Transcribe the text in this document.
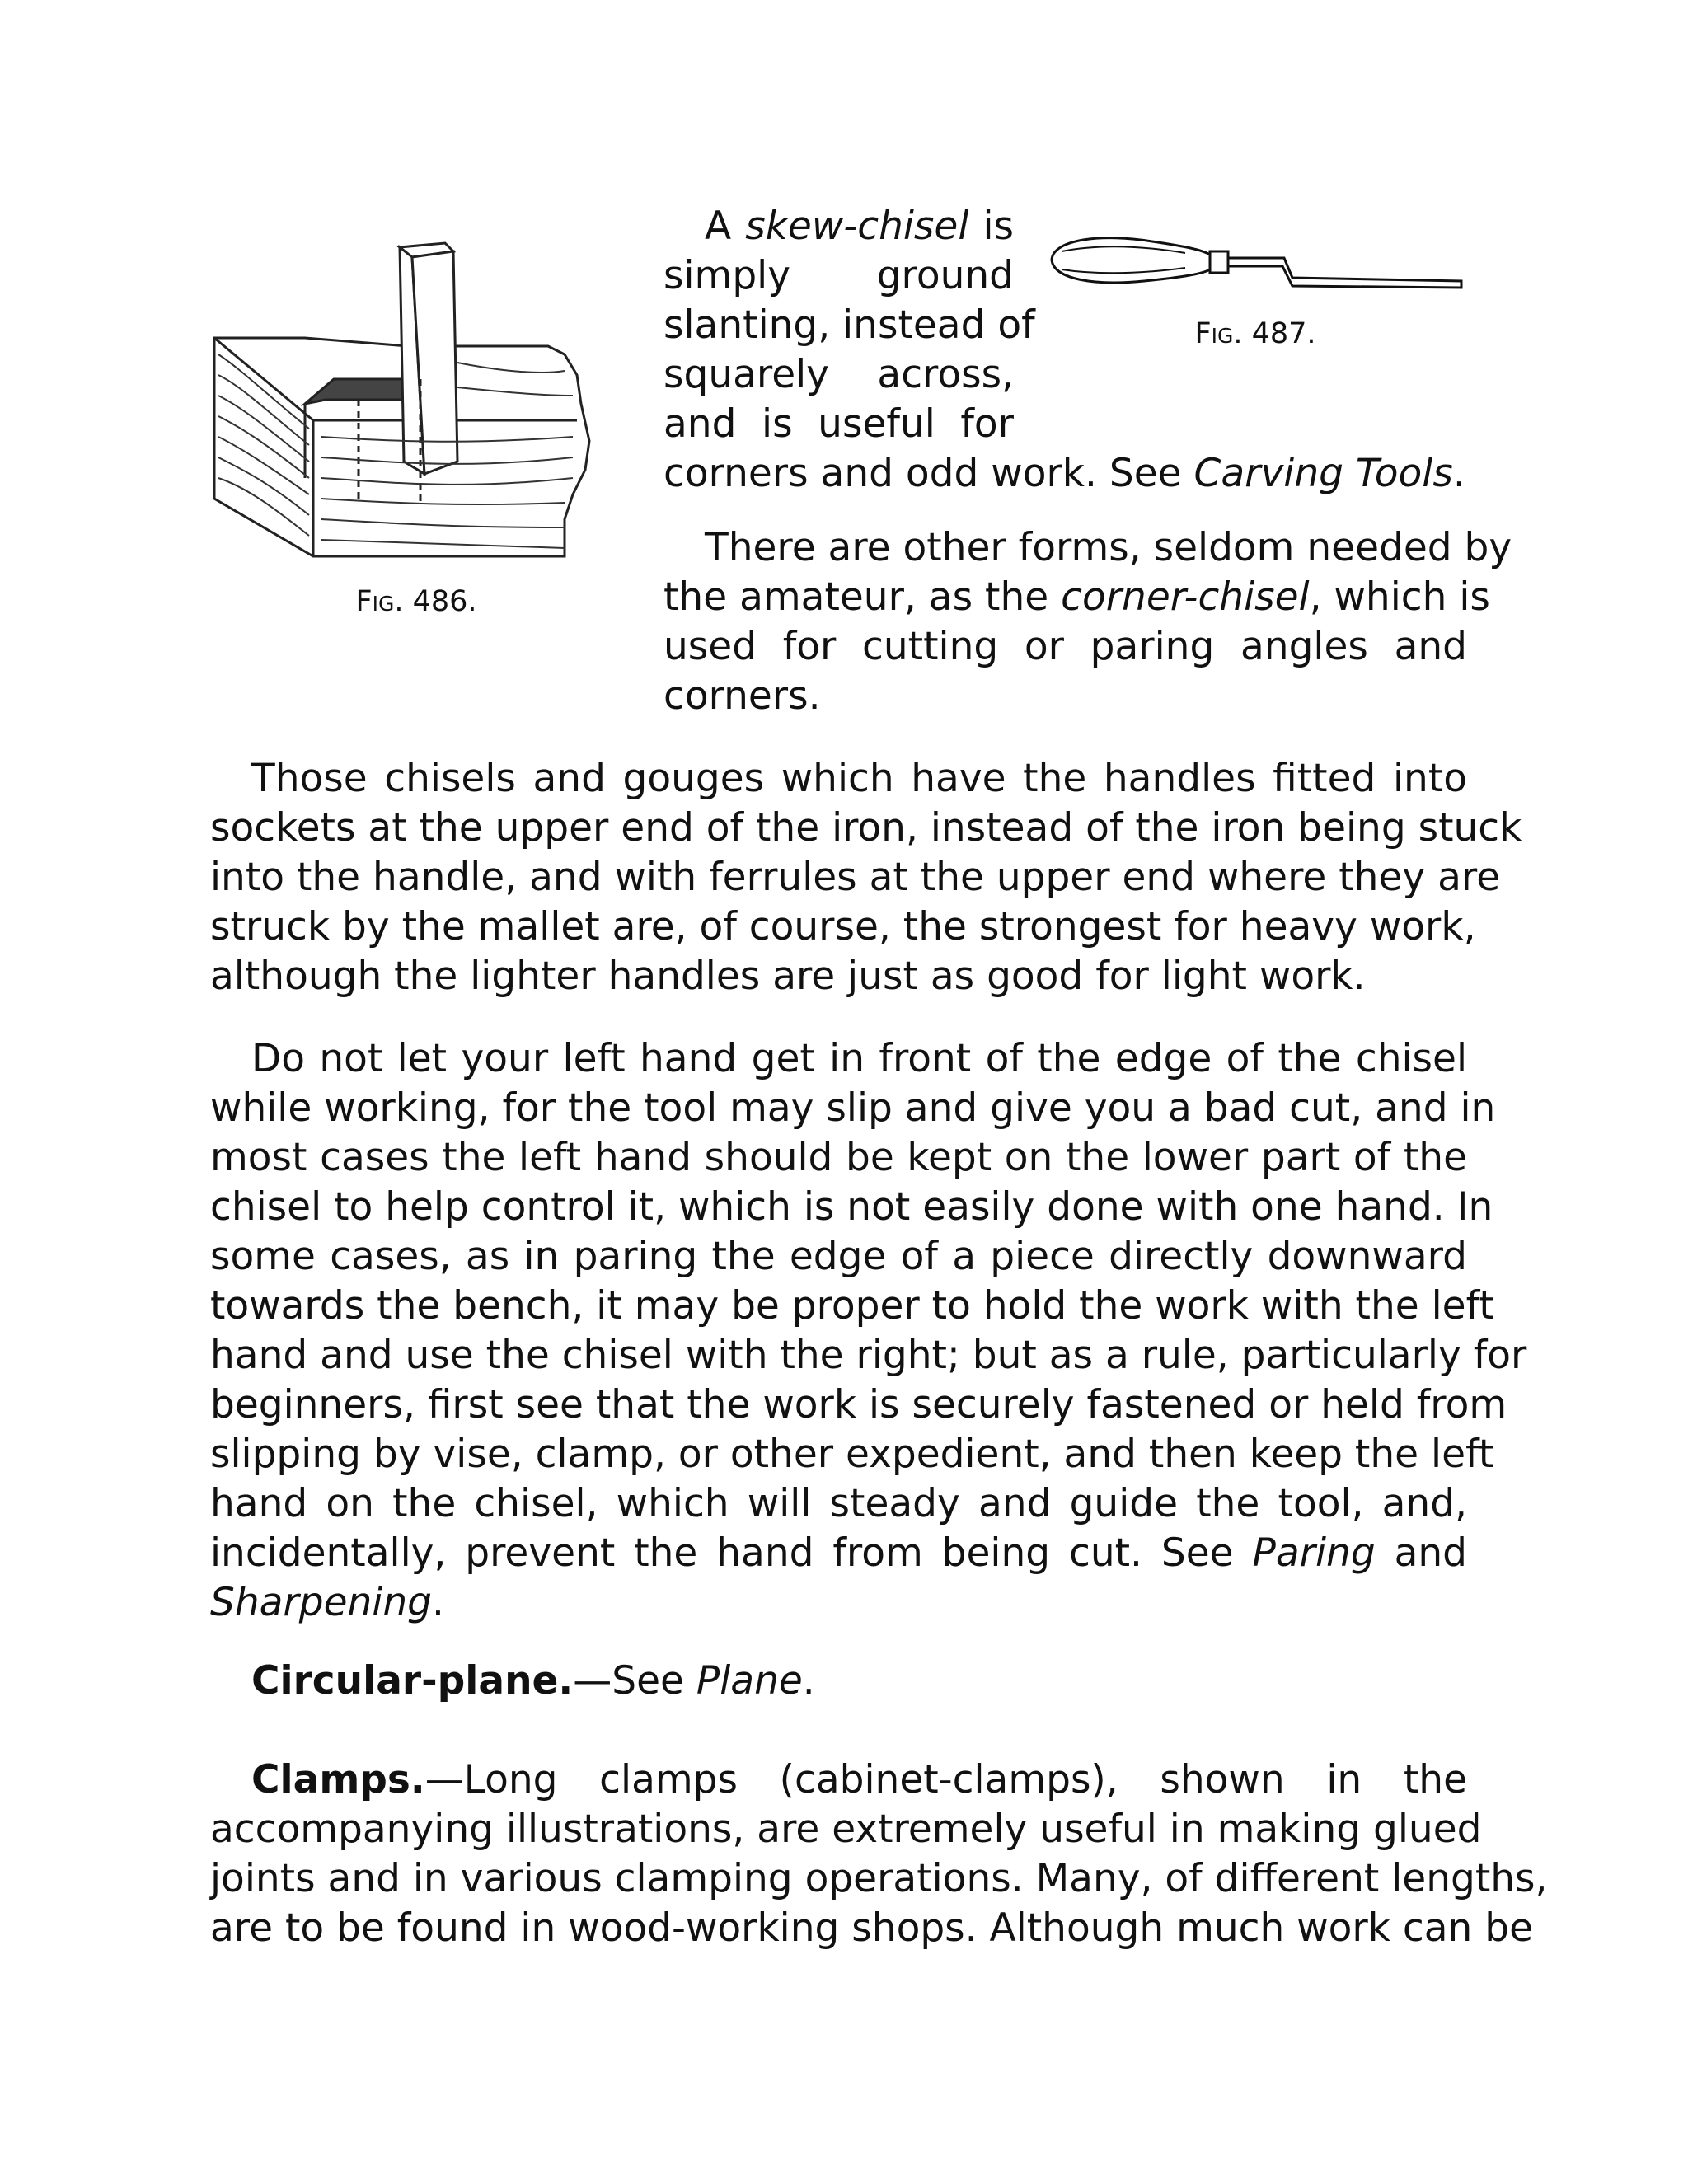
Fig. 486.
Fig. 487.
A skew-chisel is
simply ground
slanting, instead of
squarely across,
and is useful for
corners and odd work. See Carving Tools.
There are other forms, seldom needed by
the amateur, as the corner-chisel, which is
used for cutting or paring angles and
corners.
Those chisels and gouges which have the handles fitted into
sockets at the upper end of the iron, instead of the iron being stuck
into the handle, and with ferrules at the upper end where they are
struck by the mallet are, of course, the strongest for heavy work,
although the lighter handles are just as good for light work.
Do not let your left hand get in front of the edge of the chisel
while working, for the tool may slip and give you a bad cut, and in
most cases the left hand should be kept on the lower part of the
chisel to help control it, which is not easily done with one hand. In
some cases, as in paring the edge of a piece directly downward
towards the bench, it may be proper to hold the work with the left
hand and use the chisel with the right; but as a rule, particularly for
beginners, first see that the work is securely fastened or held from
slipping by vise, clamp, or other expedient, and then keep the left
hand on the chisel, which will steady and guide the tool, and,
incidentally, prevent the hand from being cut. See Paring and
Sharpening.
Circular-plane.—See Plane.
Clamps.—Long clamps (cabinet-clamps), shown in the
accompanying illustrations, are extremely useful in making glued
joints and in various clamping operations. Many, of different lengths,
are to be found in wood-working shops. Although much work can be
